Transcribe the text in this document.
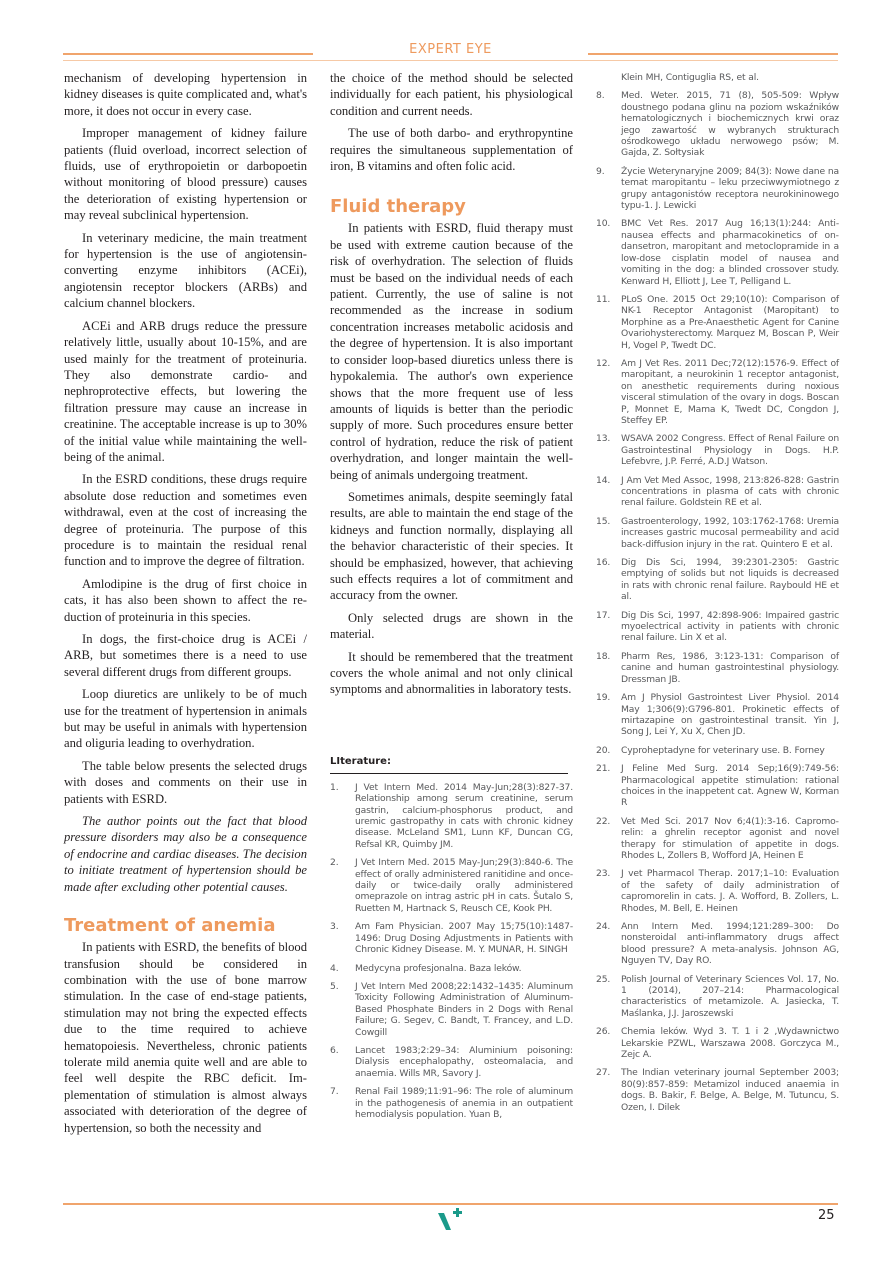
EXPERT EYE

mechanism of developing hypertension in kidney diseases is quite complicated and, what's more, it does not occur in every case.

Improper management of kidney failure patients (fluid overload, incorrect selection of fluids, use of erythropoietin or darbopoetin without monitoring of blood pressure) causes the deterioration of existing hypertension or may reveal subclinical hypertension.

In veterinary medicine, the main treatment for hypertension is the use of angiotensin-converting enzyme inhibitors (ACEi), angiotensin receptor blockers (ARBs) and calcium channel blockers.

ACEi and ARB drugs reduce the pressure relatively little, usually about 10-15%, and are used mainly for the treatment of proteinuria. They also demonstrate cardio- and nephroprotective effects, but lowering the filtration pressure may cause an increase in creatinine. The acceptable increase is up to 30% of the initial value while maintaining the well-being of the animal.

In the ESRD conditions, these drugs require absolute dose reduction and sometimes even withdrawal, even at the cost of increasing the degree of proteinuria. The purpose of this procedure is to maintain the residual renal function and to improve the degree of filtration.

Amlodipine is the drug of first choice in cats, it has also been shown to affect the reduction of proteinuria in this species.

In dogs, the first-choice drug is ACEi / ARB, but sometimes there is a need to use several different drugs from different groups.

Loop diuretics are unlikely to be of much use for the treatment of hypertension in animals but may be useful in animals with hypertension and oliguria leading to overhydration.

The table below presents the selected drugs with doses and comments on their use in patients with ESRD.

The author points out the fact that blood pressure disorders may also be a consequence of endocrine and cardiac diseases. The decision to initiate treatment of hypertension should be made after excluding other potential causes.

Treatment of anemia

In patients with ESRD, the benefits of blood transfusion should be considered in combination with the use of bone marrow stimulation. In the case of end-stage patients, stimulation may not bring the expected effects due to the time required to achieve hematopoiesis. Nevertheless, chronic patients tolerate mild anemia quite well and are able to feel well despite the RBC deficit. Implementation of stimulation is almost always associated with deterioration of the degree of hypertension, so both the necessity and

the choice of the method should be selected individually for each patient, his physiological condition and current needs.

The use of both darbo- and erythropyntine requires the simultaneous supplementation of iron, B vitamins and often folic acid.

Fluid therapy

In patients with ESRD, fluid therapy must be used with extreme caution because of the risk of overhydration. The selection of fluids must be based on the individual needs of each patient. Currently, the use of saline is not recommended as the increase in sodium concentration increases metabolic acidosis and the degree of hypertension. It is also important to consider loop-based diuretics unless there is hypokalemia. The author's own experience shows that the more frequent use of less amounts of liquids is better than the periodic supply of more. Such procedures ensure better control of hydration, reduce the risk of patient overhydration, and longer maintain the well-being of animals undergoing treatment.

Sometimes animals, despite seemingly fatal results, are able to maintain the end stage of the kidneys and function normally, displaying all the behavior characteristic of their species. It should be emphasized, however, that achieving such effects requires a lot of commitment and accuracy from the owner.

Only selected drugs are shown in the material.

It should be remembered that the treatment covers the whole animal and not only clinical symptoms and abnormalities in laboratory tests.

LIterature:
1. J Vet Intern Med. 2014 May-Jun;28(3):827-37. Relationship among serum creatinine, serum gastrin, calcium-phosphorus product, and uremic gastropathy in cats with chronic kidney disease. McLeland SM1, Lunn KF, Duncan CG, Refsal KR, Quimby JM.
2. J Vet Intern Med. 2015 May-Jun;29(3):840-6. The effect of orally administered ranitidine and once-daily or twice-daily orally administered omeprazole on intrag astric pH in cats. Šutalo S, Ruetten M, Hartnack S, Reusch CE, Kook PH.
3. Am Fam Physician. 2007 May 15;75(10):1487-1496: Drug Dosing Adjustments in Patients with Chronic Kidney Disease. M. Y. MUNAR, H. SINGH
4. Medycyna profesjonalna. Baza leków.
5. J Vet Intern Med 2008;22:1432–1435: Aluminum Toxicity Following Administration of Aluminum-Based Phosphate Binders in 2 Dogs with Renal Failure; G. Segev, C. Bandt, T. Francey, and L.D. Cowgill
6. Lancet 1983;2:29–34: Aluminium poisoning: Dialysis encephalopathy, osteomalacia, and anaemia. Wills MR, Savory J.
7. Renal Fail 1989;11:91–96: The role of aluminum in the pathogenesis of anemia in an outpatient hemodialysis population. Yuan B,
Klein MH, Contiguglia RS, et al.
8. Med. Weter. 2015, 71 (8), 505-509: Wpływ doustnego podana glinu na poziom wskaźników hematologicznych i biochemicznych krwi oraz jego zawartość w wybranych strukturach ośrodkowego układu nerwowego psów; M. Gajda, Z. Sołtysiak
9. Życie Weterynaryjne 2009; 84(3): Nowe dane na temat maropitantu – leku przeciwwymiotnego z grupy antagonistów receptora neurokininowego typu-1. J. Lewicki
10. BMC Vet Res. 2017 Aug 16;13(1):244: Anti-nausea effects and pharmacokinetics of ondansetron, maropitant and metoclopramide in a low-dose cisplatin model of nausea and vomiting in the dog: a blinded crossover study. Kenward H, Elliott J, Lee T, Pelligand L.
11. PLoS One. 2015 Oct 29;10(10): Comparison of NK-1 Receptor Antagonist (Maropitant) to Morphine as a Pre-Anaesthetic Agent for Canine Ovariohysterectomy. Marquez M, Boscan P, Weir H, Vogel P, Twedt DC.
12. Am J Vet Res. 2011 Dec;72(12):1576-9. Effect of maropitant, a neurokinin 1 receptor antagonist, on anesthetic requirements during noxious visceral stimulation of the ovary in dogs. Boscan P, Monnet E, Mama K, Twedt DC, Congdon J, Steffey EP.
13. WSAVA 2002 Congress. Effect of Renal Failure on Gastrointestinal Physiology in Dogs. H.P. Lefebvre, J.P. Ferré, A.D.J Watson.
14. J Am Vet Med Assoc, 1998, 213:826-828: Gastrin concentrations in plasma of cats with chronic renal failure. Goldstein RE et al.
15. Gastroenterology, 1992, 103:1762-1768: Uremia increases gastric mucosal permeability and acid back-diffusion injury in the rat. Quintero E et al.
16. Dig Dis Sci, 1994, 39:2301-2305: Gastric emptying of solids but not liquids is decreased in rats with chronic renal failure. Raybould HE et al.
17. Dig Dis Sci, 1997, 42:898-906: Impaired gastric myoelectrical activity in patients with chronic renal failure. Lin X et al.
18. Pharm Res, 1986, 3:123-131: Comparison of canine and human gastrointestinal physiology. Dressman JB.
19. Am J Physiol Gastrointest Liver Physiol. 2014 May 1;306(9):G796-801. Prokinetic effects of mirtazapine on gastrointestinal transit. Yin J, Song J, Lei Y, Xu X, Chen JD.
20. Cyproheptadyne for veterinary use. B. Forney
21. J Feline Med Surg. 2014 Sep;16(9):749-56: Pharmacological appetite stimulation: rational choices in the inappetent cat. Agnew W, Korman R
22. Vet Med Sci. 2017 Nov 6;4(1):3-16. Capromorelin: a ghrelin receptor agonist and novel therapy for stimulation of appetite in dogs. Rhodes L, Zollers B, Wofford JA, Heinen E
23. J vet Pharmacol Therap. 2017;1–10: Evaluation of the safety of daily administration of capromorelin in cats. J. A. Wofford, B. Zollers, L. Rhodes, M. Bell, E. Heinen
24. Ann Intern Med. 1994;121:289–300: Do nonsteroidal anti-inflammatory drugs affect blood pressure? A meta-analysis. Johnson AG, Nguyen TV, Day RO.
25. Polish Journal of Veterinary Sciences Vol. 17, No. 1 (2014), 207–214: Pharmacological characteristics of metamizole. A. Jasiecka, T. Maślanka, J.J. Jaroszewski
26. Chemia leków. Wyd 3. T. 1 i 2 ,Wydawnictwo Lekarskie PZWL, Warszawa 2008. Gorczyca M., Zejc A.
27. The Indian veterinary journal September 2003; 80(9):857-859: Metamizol induced anaemia in dogs. B. Bakir, F. Belge, A. Belge, M. Tutuncu, S. Ozen, I. Dilek
25
